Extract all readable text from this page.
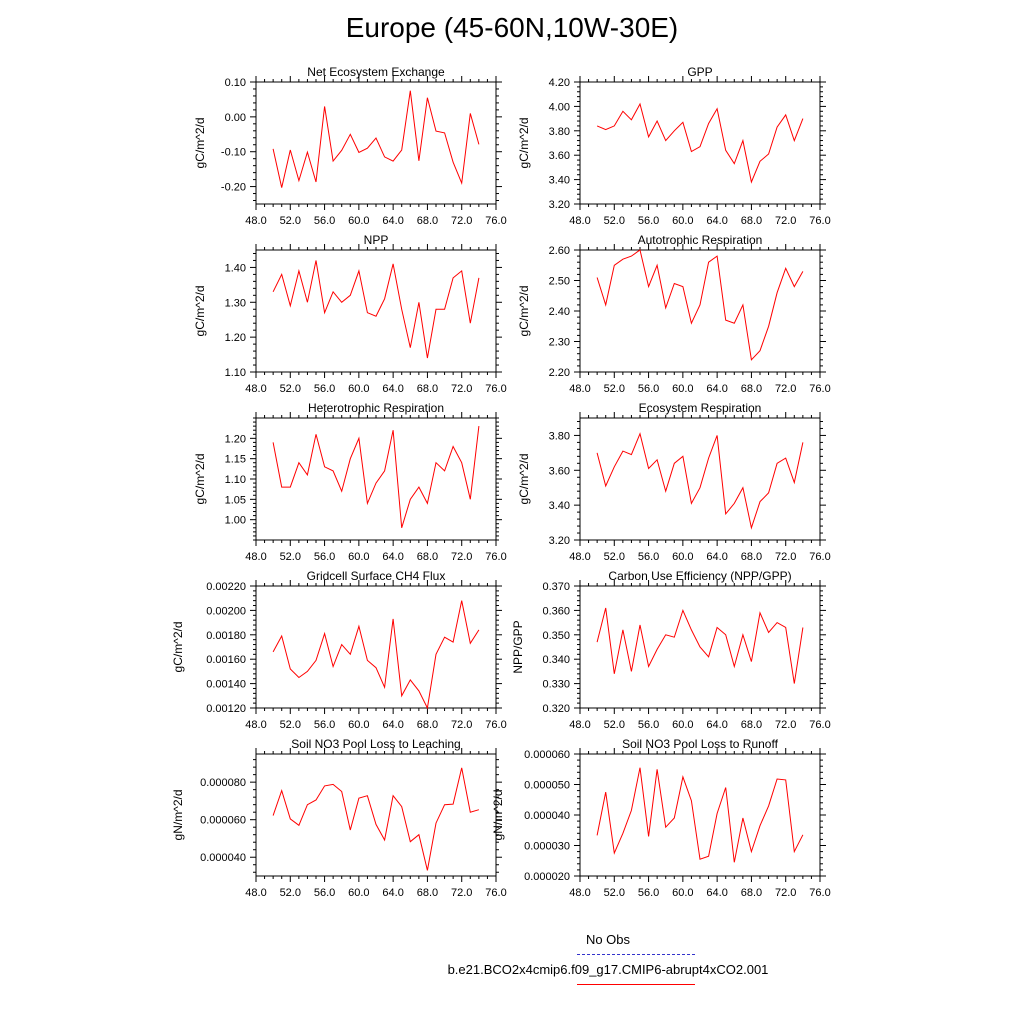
Europe (45-60N,10W-30E)
Net Ecosystem Exchange
gC/m^2/d
48.0 52.0 56.0 60.0 64.0 68.0 72.0 76.0
-0.20
-0.10
0.00
0.10
GPP
gC/m^2/d
48.0 52.0 56.0 60.0 64.0 68.0 72.0 76.0
3.20
3.40
3.60
3.80
4.00
4.20
NPP
gC/m^2/d
48.0 52.0 56.0 60.0 64.0 68.0 72.0 76.0
1.10
1.20
1.30
1.40
Autotrophic Respiration
gC/m^2/d
48.0 52.0 56.0 60.0 64.0 68.0 72.0 76.0
2.20
2.30
2.40
2.50
2.60
Heterotrophic Respiration
gC/m^2/d
48.0 52.0 56.0 60.0 64.0 68.0 72.0 76.0
1.00
1.05
1.10
1.15
1.20
Ecosystem Respiration
gC/m^2/d
48.0 52.0 56.0 60.0 64.0 68.0 72.0 76.0
3.20
3.40
3.60
3.80
Gridcell Surface CH4 Flux
gC/m^2/d
48.0 52.0 56.0 60.0 64.0 68.0 72.0 76.0
0.00120
0.00140
0.00160
0.00180
0.00200
0.00220
Carbon Use Efficiency (NPP/GPP)
NPP/GPP
48.0 52.0 56.0 60.0 64.0 68.0 72.0 76.0
0.320
0.330
0.340
0.350
0.360
0.370
Soil NO3 Pool Loss to Leaching
gN/m^2/d
48.0 52.0 56.0 60.0 64.0 68.0 72.0 76.0
0.000040
0.000060
0.000080
Soil NO3 Pool Loss to Runoff
gN/m^2/d
48.0 52.0 56.0 60.0 64.0 68.0 72.0 76.0
0.000020
0.000030
0.000040
0.000050
0.000060
No Obs
b.e21.BCO2x4cmip6.f09_g17.CMIP6-abrupt4xCO2.001
